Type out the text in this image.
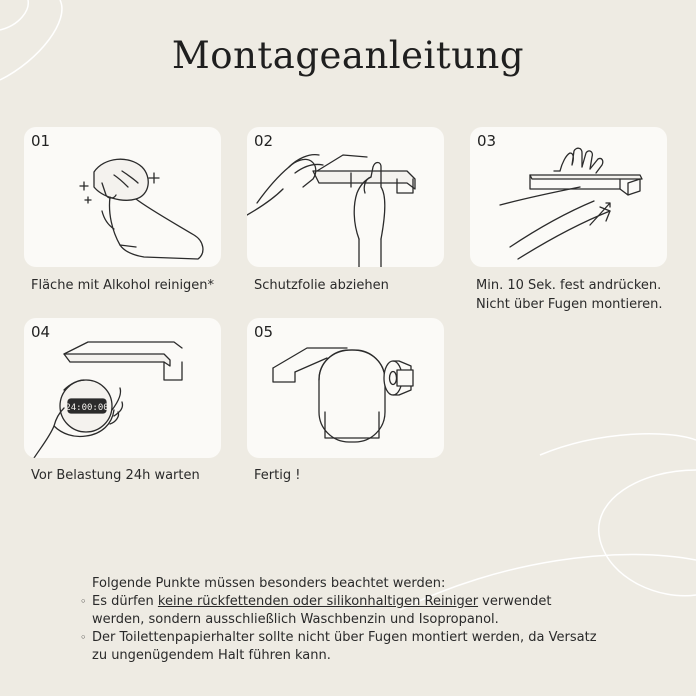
Montageanleitung
01
Fläche mit Alkohol reinigen*
02
Schutzfolie abziehen
03
Min. 10 Sek. fest andrücken.
Nicht über Fugen montieren.
04
24:00:00
Vor Belastung 24h warten
05
Fertig !
Folgende Punkte müssen besonders beachtet werden:
◦ Es dürfen keine rückfettenden oder silikonhaltigen Reiniger verwendet
werden, sondern ausschließlich Waschbenzin und Isopropanol.
◦ Der Toilettenpapierhalter sollte nicht über Fugen montiert werden, da Versatz
zu ungenügendem Halt führen kann.
